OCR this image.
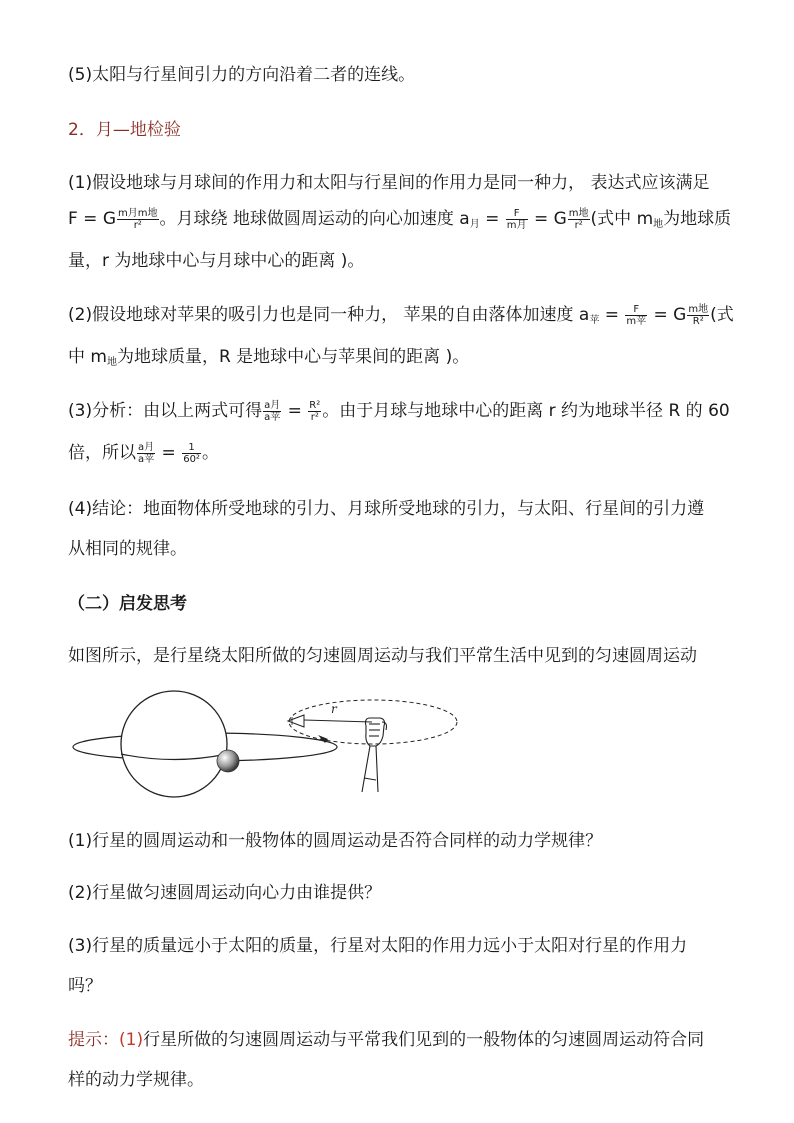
(5)太阳与行星间引力的方向沿着二者的连线。
2．月—地检验
(1)假设地球与月球间的作用力和太阳与行星间的作用力是同一种力， 表达式应该满足
F = G $\frac{\text{m月m地}}{\text{r²}}$ 。月球绕 地球做圆周运动的向心加速度 $a_月 = \frac{F}{\text{m月}} = G \frac{\text{m地}}{\text{r²}}$ (式中 $m_地$为地球质
量，r 为地球中心与月球中心的距离 )。
(2)假设地球对苹果的吸引力也是同一种力， 苹果的自由落体加速度 $a_苹 = \frac{F}{\text{m苹}} = G \frac{\text{m地}}{\text{R²}}$ (式
中 $m_地$为地球质量，R 是地球中心与苹果间的距离 )。
(3)分析：由以上两式可得 $\frac{\text{a月}}{\text{a苹}} = \frac{\text{R²}}{\text{r²}}$ 。由于月球与地球中心的距离 r 约为地球半径 R 的 60
倍，所以 $\frac{\text{a月}}{\text{a苹}} = \frac{1}{\text{60²}}$ 。
(4)结论：地面物体所受地球的引力、月球所受地球的引力，与太阳、行星间的引力遵
从相同的规律。
（二）启发思考
如图所示，是行星绕太阳所做的匀速圆周运动与我们平常生活中见到的匀速圆周运动
r
(1)行星的圆周运动和一般物体的圆周运动是否符合同样的动力学规律？
(2)行星做匀速圆周运动向心力由谁提供？
(3)行星的质量远小于太阳的质量，行星对太阳的作用力远小于太阳对行星的作用力
吗？
提示：(1)行星所做的匀速圆周运动与平常我们见到的一般物体的匀速圆周运动符合同
样的动力学规律。
